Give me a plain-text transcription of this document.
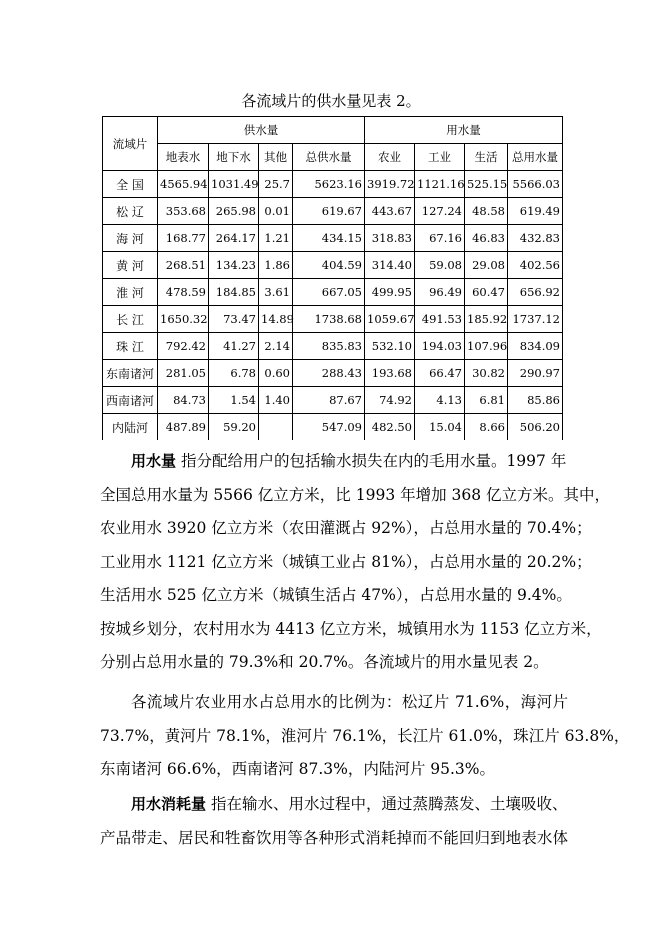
各流域片的供水量见表 2。
流域片	供水量				用水量			
	地表水	地下水	其他	总供水量	农业	工业	生活	总用水量
全 国	4565.94	1031.49	25.7	5623.16	3919.72	1121.16	525.15	5566.03
松 辽	353.68	265.98	0.01	619.67	443.67	127.24	48.58	619.49
海 河	168.77	264.17	1.21	434.15	318.83	67.16	46.83	432.83
黄 河	268.51	134.23	1.86	404.59	314.40	59.08	29.08	402.56
淮 河	478.59	184.85	3.61	667.05	499.95	96.49	60.47	656.92
长 江	1650.32	73.47	14.89	1738.68	1059.67	491.53	185.92	1737.12
珠 江	792.42	41.27	2.14	835.83	532.10	194.03	107.96	834.09
东南诸河	281.05	6.78	0.60	288.43	193.68	66.47	30.82	290.97
西南诸河	84.73	1.54	1.40	87.67	74.92	4.13	6.81	85.86
内陆河	487.89	59.20		547.09	482.50	15.04	8.66	506.20
用水量 指分配给用户的包括输水损失在内的毛用水量。1997 年
全国总用水量为 5566 亿立方米，比 1993 年增加 368 亿立方米。其中，
农业用水 3920 亿立方米（农田灌溉占 92%），占总用水量的 70.4%；
工业用水 1121 亿立方米（城镇工业占 81%），占总用水量的 20.2%；
生活用水 525 亿立方米（城镇生活占 47%），占总用水量的 9.4%。
按城乡划分，农村用水为 4413 亿立方米，城镇用水为 1153 亿立方米，
分别占总用水量的 79.3%和 20.7%。各流域片的用水量见表 2。
各流域片农业用水占总用水的比例为：松辽片 71.6%，海河片
73.7%，黄河片 78.1%，淮河片 76.1%，长江片 61.0%，珠江片 63.8%，
东南诸河 66.6%，西南诸河 87.3%，内陆河片 95.3%。
用水消耗量 指在输水、用水过程中，通过蒸腾蒸发、土壤吸收、
产品带走、居民和牲畜饮用等各种形式消耗掉而不能回归到地表水体
